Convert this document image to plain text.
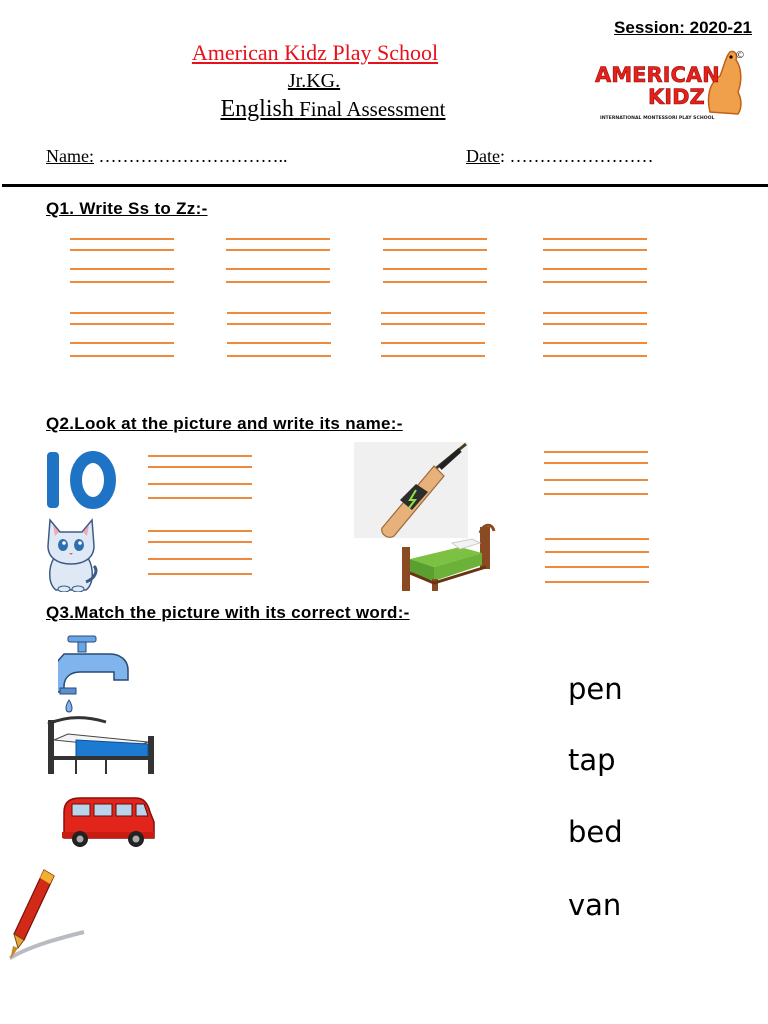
Session: 2020-21
American Kidz Play School
Jr.KG.
English Final Assessment
AMERICAN
KIDZ
©
INTERNATIONAL MONTESSORI PLAY SCHOOL
Name: …………………………..	Date: ……………………
Q1. Write Ss to Zz:-
Q2.Look at the picture and write its name:-
Q3.Match the picture with its correct word:-
pen
tap
bed
van
